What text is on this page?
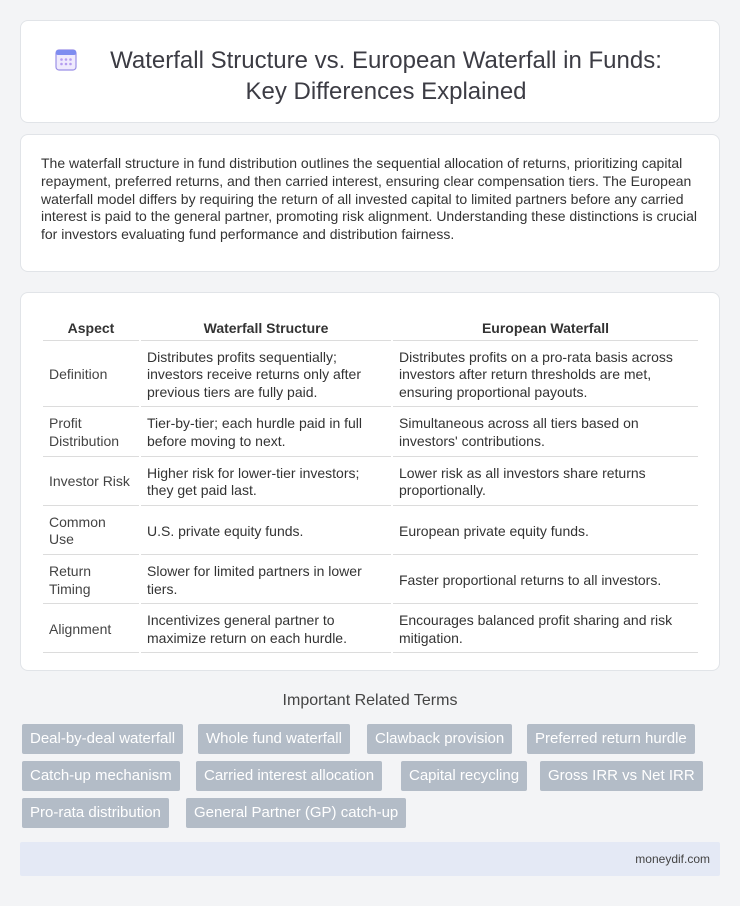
Waterfall Structure vs. European Waterfall in Funds: Key Differences Explained

The waterfall structure in fund distribution outlines the sequential allocation of returns, prioritizing capital repayment, preferred returns, and then carried interest, ensuring clear compensation tiers. The European waterfall model differs by requiring the return of all invested capital to limited partners before any carried interest is paid to the general partner, promoting risk alignment. Understanding these distinctions is crucial for investors evaluating fund performance and distribution fairness.

Aspect	Waterfall Structure	European Waterfall
Definition	Distributes profits sequentially; investors receive returns only after previous tiers are fully paid.	Distributes profits on a pro-rata basis across investors after return thresholds are met, ensuring proportional payouts.
Profit Distribution	Tier-by-tier; each hurdle paid in full before moving to next.	Simultaneous across all tiers based on investors' contributions.
Investor Risk	Higher risk for lower-tier investors; they get paid last.	Lower risk as all investors share returns proportionally.
Common Use	U.S. private equity funds.	European private equity funds.
Return Timing	Slower for limited partners in lower tiers.	Faster proportional returns to all investors.
Alignment	Incentivizes general partner to maximize return on each hurdle.	Encourages balanced profit sharing and risk mitigation.
Important Related Terms
Deal-by-deal waterfall	Whole fund waterfall	Clawback provision	Preferred return hurdle
Catch-up mechanism	Carried interest allocation	Capital recycling	Gross IRR vs Net IRR
Pro-rata distribution	General Partner (GP) catch-up
moneydif.com
